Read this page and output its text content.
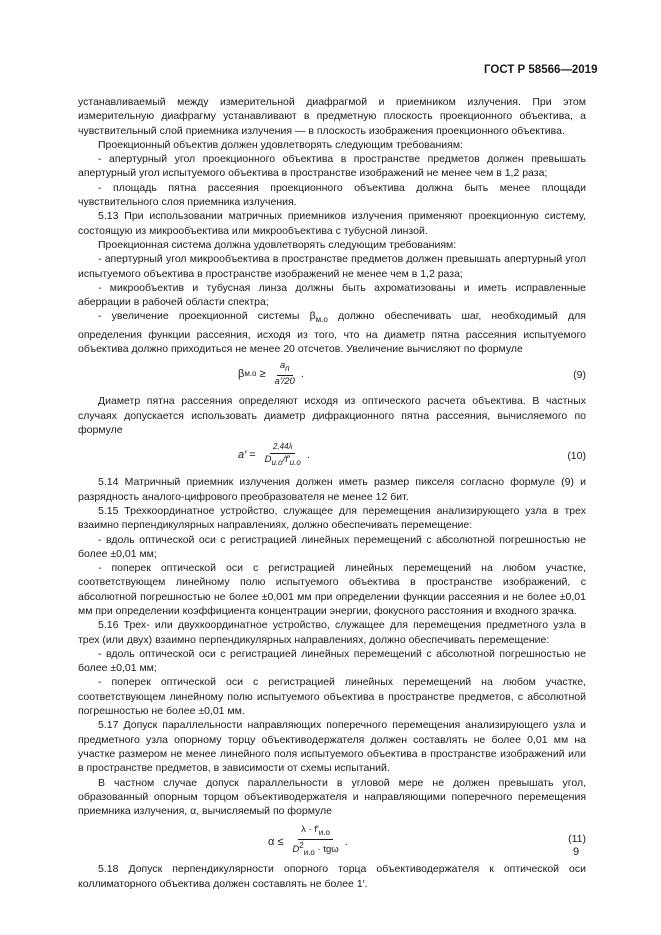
ГОСТ Р 58566—2019

устанавливаемый между измерительной диафрагмой и приемником излучения. При этом измерительную диафрагму устанавливают в предметную плоскость проекционного объектива, а чувствительный слой приемника излучения — в плоскость изображения проекционного объектива.

Проекционный объектив должен удовлетворять следующим требованиям:

- апертурный угол проекционного объектива в пространстве предметов должен превышать апертурный угол испытуемого объектива в пространстве изображений не менее чем в 1,2 раза;

- площадь пятна рассеяния проекционного объектива должна быть менее площади чувствительного слоя приемника излучения.

5.13 При использовании матричных приемников излучения применяют проекционную систему, состоящую из микрообъектива или микрообъектива с тубусной линзой.

Проекционная система должна удовлетворять следующим требованиям:

- апертурный угол микрообъектива в пространстве предметов должен превышать апертурный угол испытуемого объектива в пространстве изображений не менее чем в 1,2 раза;

- микрообъектив и тубусная линза должны быть ахроматизованы и иметь исправленные аберрации в рабочей области спектра;

- увеличение проекционной системы $\beta_{м.о}$ должно обеспечивать шаг, необходимый для определения функции рассеяния, исходя из того, что на диаметр пятна рассеяния испытуемого объектива должно приходиться не менее 20 отсчетов. Увеличение вычисляют по формуле

β $м.о \ge \frac{a_п}{a'/20}$ .	(9)

Диаметр пятна рассеяния определяют исходя из оптического расчета объектива. В частных случаях допускается использовать диаметр дифракционного пятна рассеяния, вычисляемого по формуле

$a' = \frac{2,44\lambda}{D_{и.о}/f'_{и.о}}$ .	(10)

5.14 Матричный приемник излучения должен иметь размер пикселя согласно формуле (9) и разрядность аналого-цифрового преобразователя не менее 12 бит.

5.15 Трехкоординатное устройство, служащее для перемещения анализирующего узла в трех взаимно перпендикулярных направлениях, должно обеспечивать перемещение:

- вдоль оптической оси с регистрацией линейных перемещений с абсолютной погрешностью не более ±0,01 мм;

- поперек оптической оси с регистрацией линейных перемещений на любом участке, соответствующем линейному полю испытуемого объектива в пространстве изображений, с абсолютной погрешностью не более ±0,001 мм при определении функции рассеяния и не более ±0,01 мм при определении коэффициента концентрации энергии, фокусного расстояния и входного зрачка.

5.16 Трех- или двухкоординатное устройство, служащее для перемещения предметного узла в трех (или двух) взаимно перпендикулярных направлениях, должно обеспечивать перемещение:

- вдоль оптической оси с регистрацией линейных перемещений с абсолютной погрешностью не более ±0,01 мм;

- поперек оптической оси с регистрацией линейных перемещений на любом участке, соответствующем линейному полю испытуемого объектива в пространстве предметов, с абсолютной погрешностью не более ±0,01 мм.

5.17 Допуск параллельности направляющих поперечного перемещения анализирующего узла и предметного узла опорному торцу объективодержателя должен составлять не более 0,01 мм на участке размером не менее линейного поля испытуемого объектива в пространстве изображений или в пространстве предметов, в зависимости от схемы испытаний.

В частном случае допуск параллельности в угловой мере не должен превышать угол, образованный опорным торцом объективодержателя и направляющими поперечного перемещения приемника излучения, α, вычисляемый по формуле

$\alpha \le \frac{\lambda \cdot f'_{и.о}}{D^2_{и.о} \cdot tg\omega}$ .	(11)

5.18 Допуск перпендикулярности опорного торца объективодержателя к оптической оси коллиматорного объектива должен составлять не более 1′.

9
